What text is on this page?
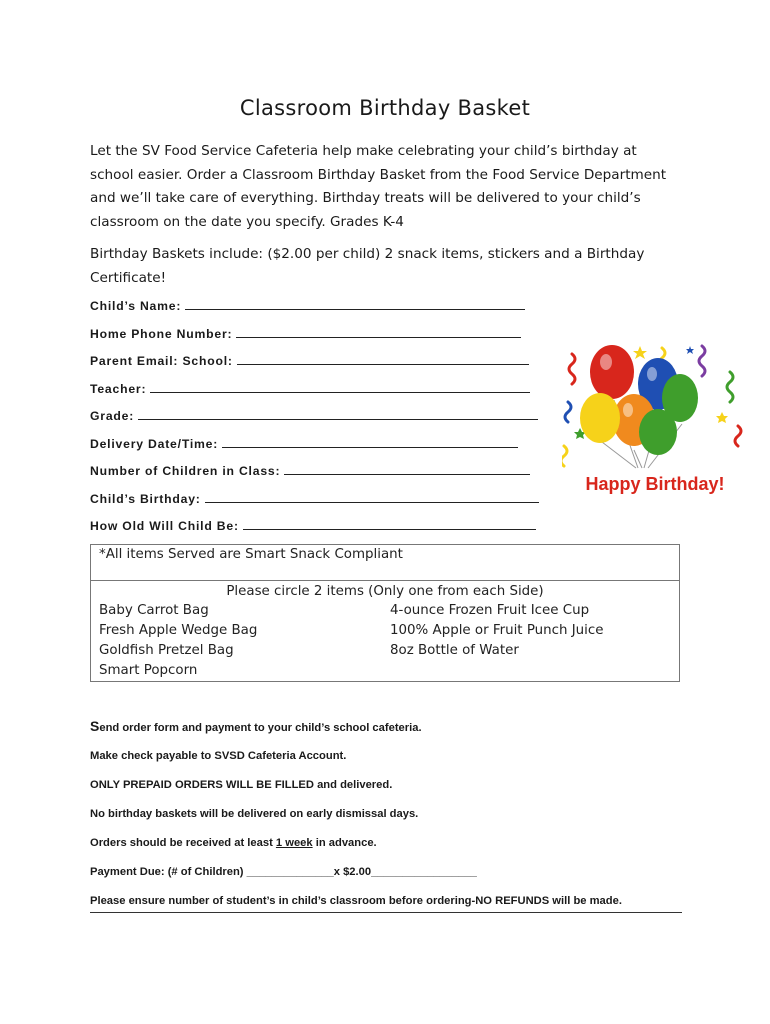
Classroom Birthday Basket
Let the SV Food Service Cafeteria help make celebrating your child’s birthday at school easier. Order a Classroom Birthday Basket from the Food Service Department and we’ll take care of everything. Birthday treats will be delivered to your child’s classroom on the date you specify. Grades K-4
Birthday Baskets include: ($2.00 per child) 2 snack items, stickers and a Birthday Certificate!
Child’s Name:
Home Phone Number:
Parent Email: School:
Teacher:
Grade:
Delivery Date/Time:
Number of Children in Class:
Child’s Birthday:
How Old Will Child Be:
Happy Birthday!
*All items Served are Smart Snack Compliant
Please circle 2 items (Only one from each Side)
Baby Carrot Bag	4-ounce Frozen Fruit Icee Cup
Fresh Apple Wedge Bag	100% Apple or Fruit Punch Juice
Goldfish Pretzel Bag	8oz Bottle of Water
Smart Popcorn
Send order form and payment to your child’s school cafeteria.
Make check payable to SVSD Cafeteria Account.
ONLY PREPAID ORDERS WILL BE FILLED and delivered.
No birthday baskets will be delivered on early dismissal days.
Orders should be received at least 1 week in advance.
Payment Due: (# of Children) ______________x $2.00_________________
Please ensure number of student’s in child’s classroom before ordering-NO REFUNDS will be made.
